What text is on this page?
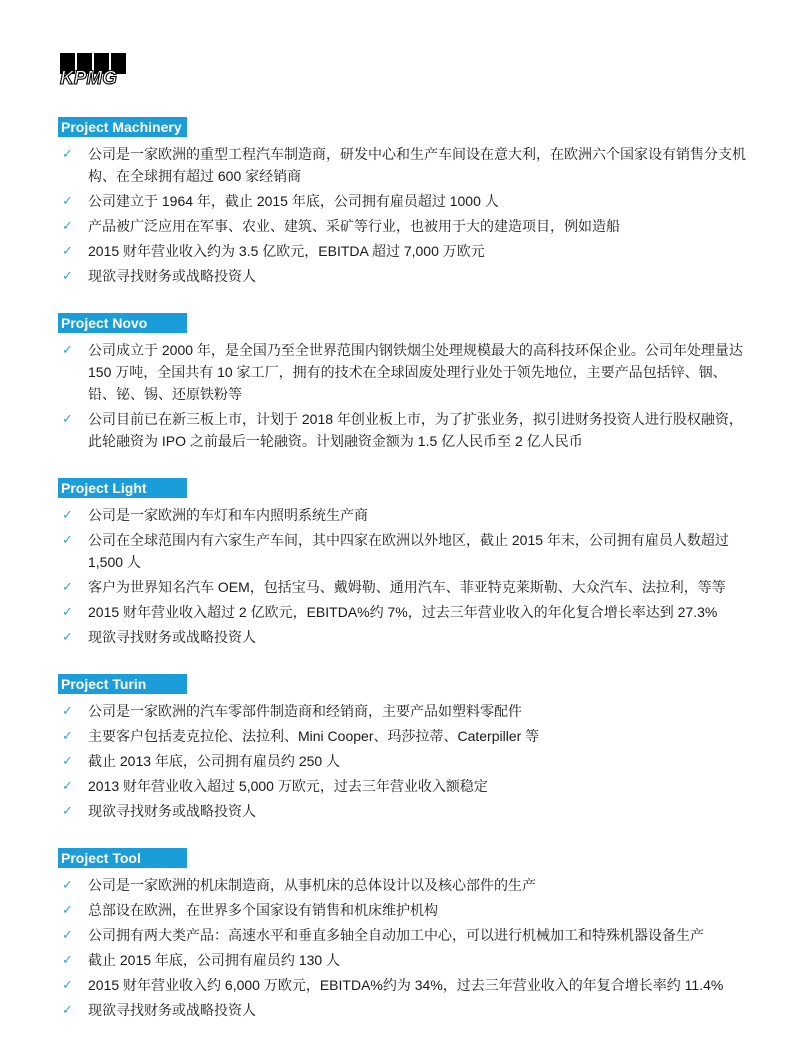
KPMG
Project Machinery
✓	公司是一家欧洲的重型工程汽车制造商，研发中心和生产车间设在意大利，在欧洲六个国家设有销售分支机构、在全球拥有超过 600 家经销商
✓	公司建立于 1964 年，截止 2015 年底，公司拥有雇员超过 1000 人
✓	产品被广泛应用在军事、农业、建筑、采矿等行业，也被用于大的建造项目，例如造船
✓	2015 财年营业收入约为 3.5 亿欧元，EBITDA 超过 7,000 万欧元
✓	现欲寻找财务或战略投资人
Project Novo
✓	公司成立于 2000 年，是全国乃至全世界范围内钢铁烟尘处理规模最大的高科技环保企业。公司年处理量达 150 万吨，全国共有 10 家工厂，拥有的技术在全球固废处理行业处于领先地位，主要产品包括锌、铟、铅、铋、锡、还原铁粉等
✓	公司目前已在新三板上市，计划于 2018 年创业板上市，为了扩张业务，拟引进财务投资人进行股权融资，此轮融资为 IPO 之前最后一轮融资。计划融资金额为 1.5 亿人民币至 2 亿人民币
Project Light
✓	公司是一家欧洲的车灯和车内照明系统生产商
✓	公司在全球范围内有六家生产车间，其中四家在欧洲以外地区，截止 2015 年末，公司拥有雇员人数超过 1,500 人
✓	客户为世界知名汽车 OEM，包括宝马、戴姆勒、通用汽车、菲亚特克莱斯勒、大众汽车、法拉利，等等
✓	2015 财年营业收入超过 2 亿欧元，EBITDA%约 7%，过去三年营业收入的年化复合增长率达到 27.3%
✓	现欲寻找财务或战略投资人
Project Turin
✓	公司是一家欧洲的汽车零部件制造商和经销商，主要产品如塑料零配件
✓	主要客户包括麦克拉伦、法拉利、Mini Cooper、玛莎拉蒂、Caterpiller 等
✓	截止 2013 年底，公司拥有雇员约 250 人
✓	2013 财年营业收入超过 5,000 万欧元，过去三年营业收入额稳定
✓	现欲寻找财务或战略投资人
Project Tool
✓	公司是一家欧洲的机床制造商，从事机床的总体设计以及核心部件的生产
✓	总部设在欧洲，在世界多个国家设有销售和机床维护机构
✓	公司拥有两大类产品：高速水平和垂直多轴全自动加工中心，可以进行机械加工和特殊机器设备生产
✓	截止 2015 年底，公司拥有雇员约 130 人
✓	2015 财年营业收入约 6,000 万欧元，EBITDA%约为 34%，过去三年营业收入的年复合增长率约 11.4%
✓	现欲寻找财务或战略投资人
